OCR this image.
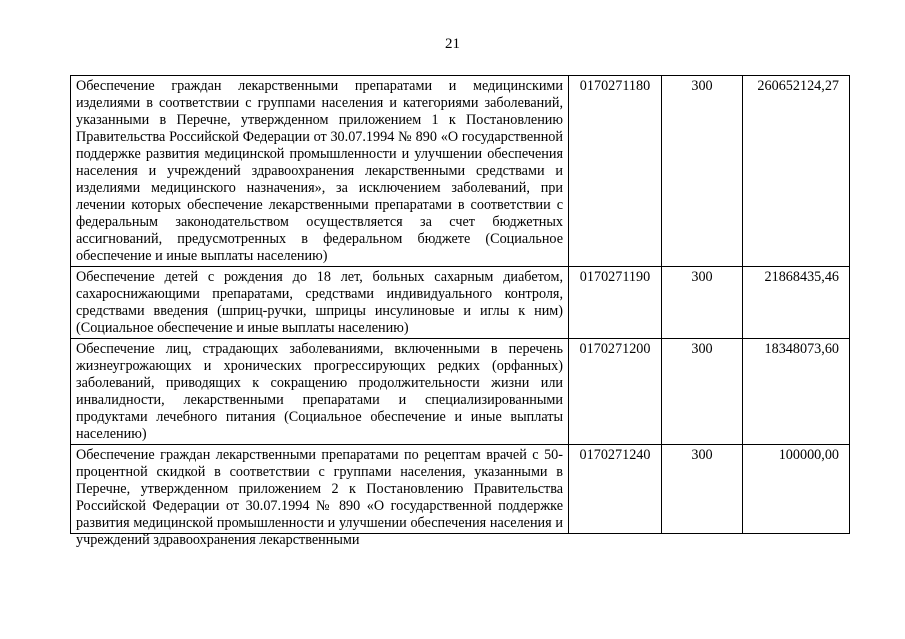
21
Обеспечение граждан лекарственными препаратами и медицинскими изделиями в соответствии с группами населения и категориями заболеваний, указанными в Перечне, утвержденном приложением 1 к Постановлению Правительства Российской Федерации от 30.07.1994 № 890 «О государственной поддержке развития медицинской промышленности и улучшении обеспечения населения и учреждений здравоохранения лекарственными средствами и изделиями медицинского назначения», за исключением заболеваний, при лечении которых обеспечение лекарственными препаратами в соответствии с федеральным законодательством осуществляется за счет бюджетных ассигнований, предусмотренных в федеральном бюджете (Социальное обеспечение и иные выплаты населению)	0170271180	300	260652124,27
Обеспечение детей с рождения до 18 лет, больных сахарным диабетом, сахароснижающими препаратами, средствами индивидуального контроля, средствами введения (шприц-ручки, шприцы инсулиновые и иглы к ним) (Социальное обеспечение и иные выплаты населению)	0170271190	300	21868435,46
Обеспечение лиц, страдающих заболеваниями, включенными в перечень жизнеугрожающих и хронических прогрессирующих редких (орфанных) заболеваний, приводящих к сокращению продолжительности жизни или инвалидности, лекарственными препаратами и специализированными продуктами лечебного питания (Социальное обеспечение и иные выплаты населению)	0170271200	300	18348073,60

Обеспечение граждан лекарственными препаратами по рецептам врачей с 50-процентной скидкой в соответствии с группами населения, указанными в Перечне, утвержденном приложением 2 к Постановлению Правительства Российской Федерации от 30.07.1994 № 890 «О государственной поддержке развития медицинской промышленности и улучшении обеспечения населения и учреждений здравоохранения лекарственными	0170271240	300	100000,00
